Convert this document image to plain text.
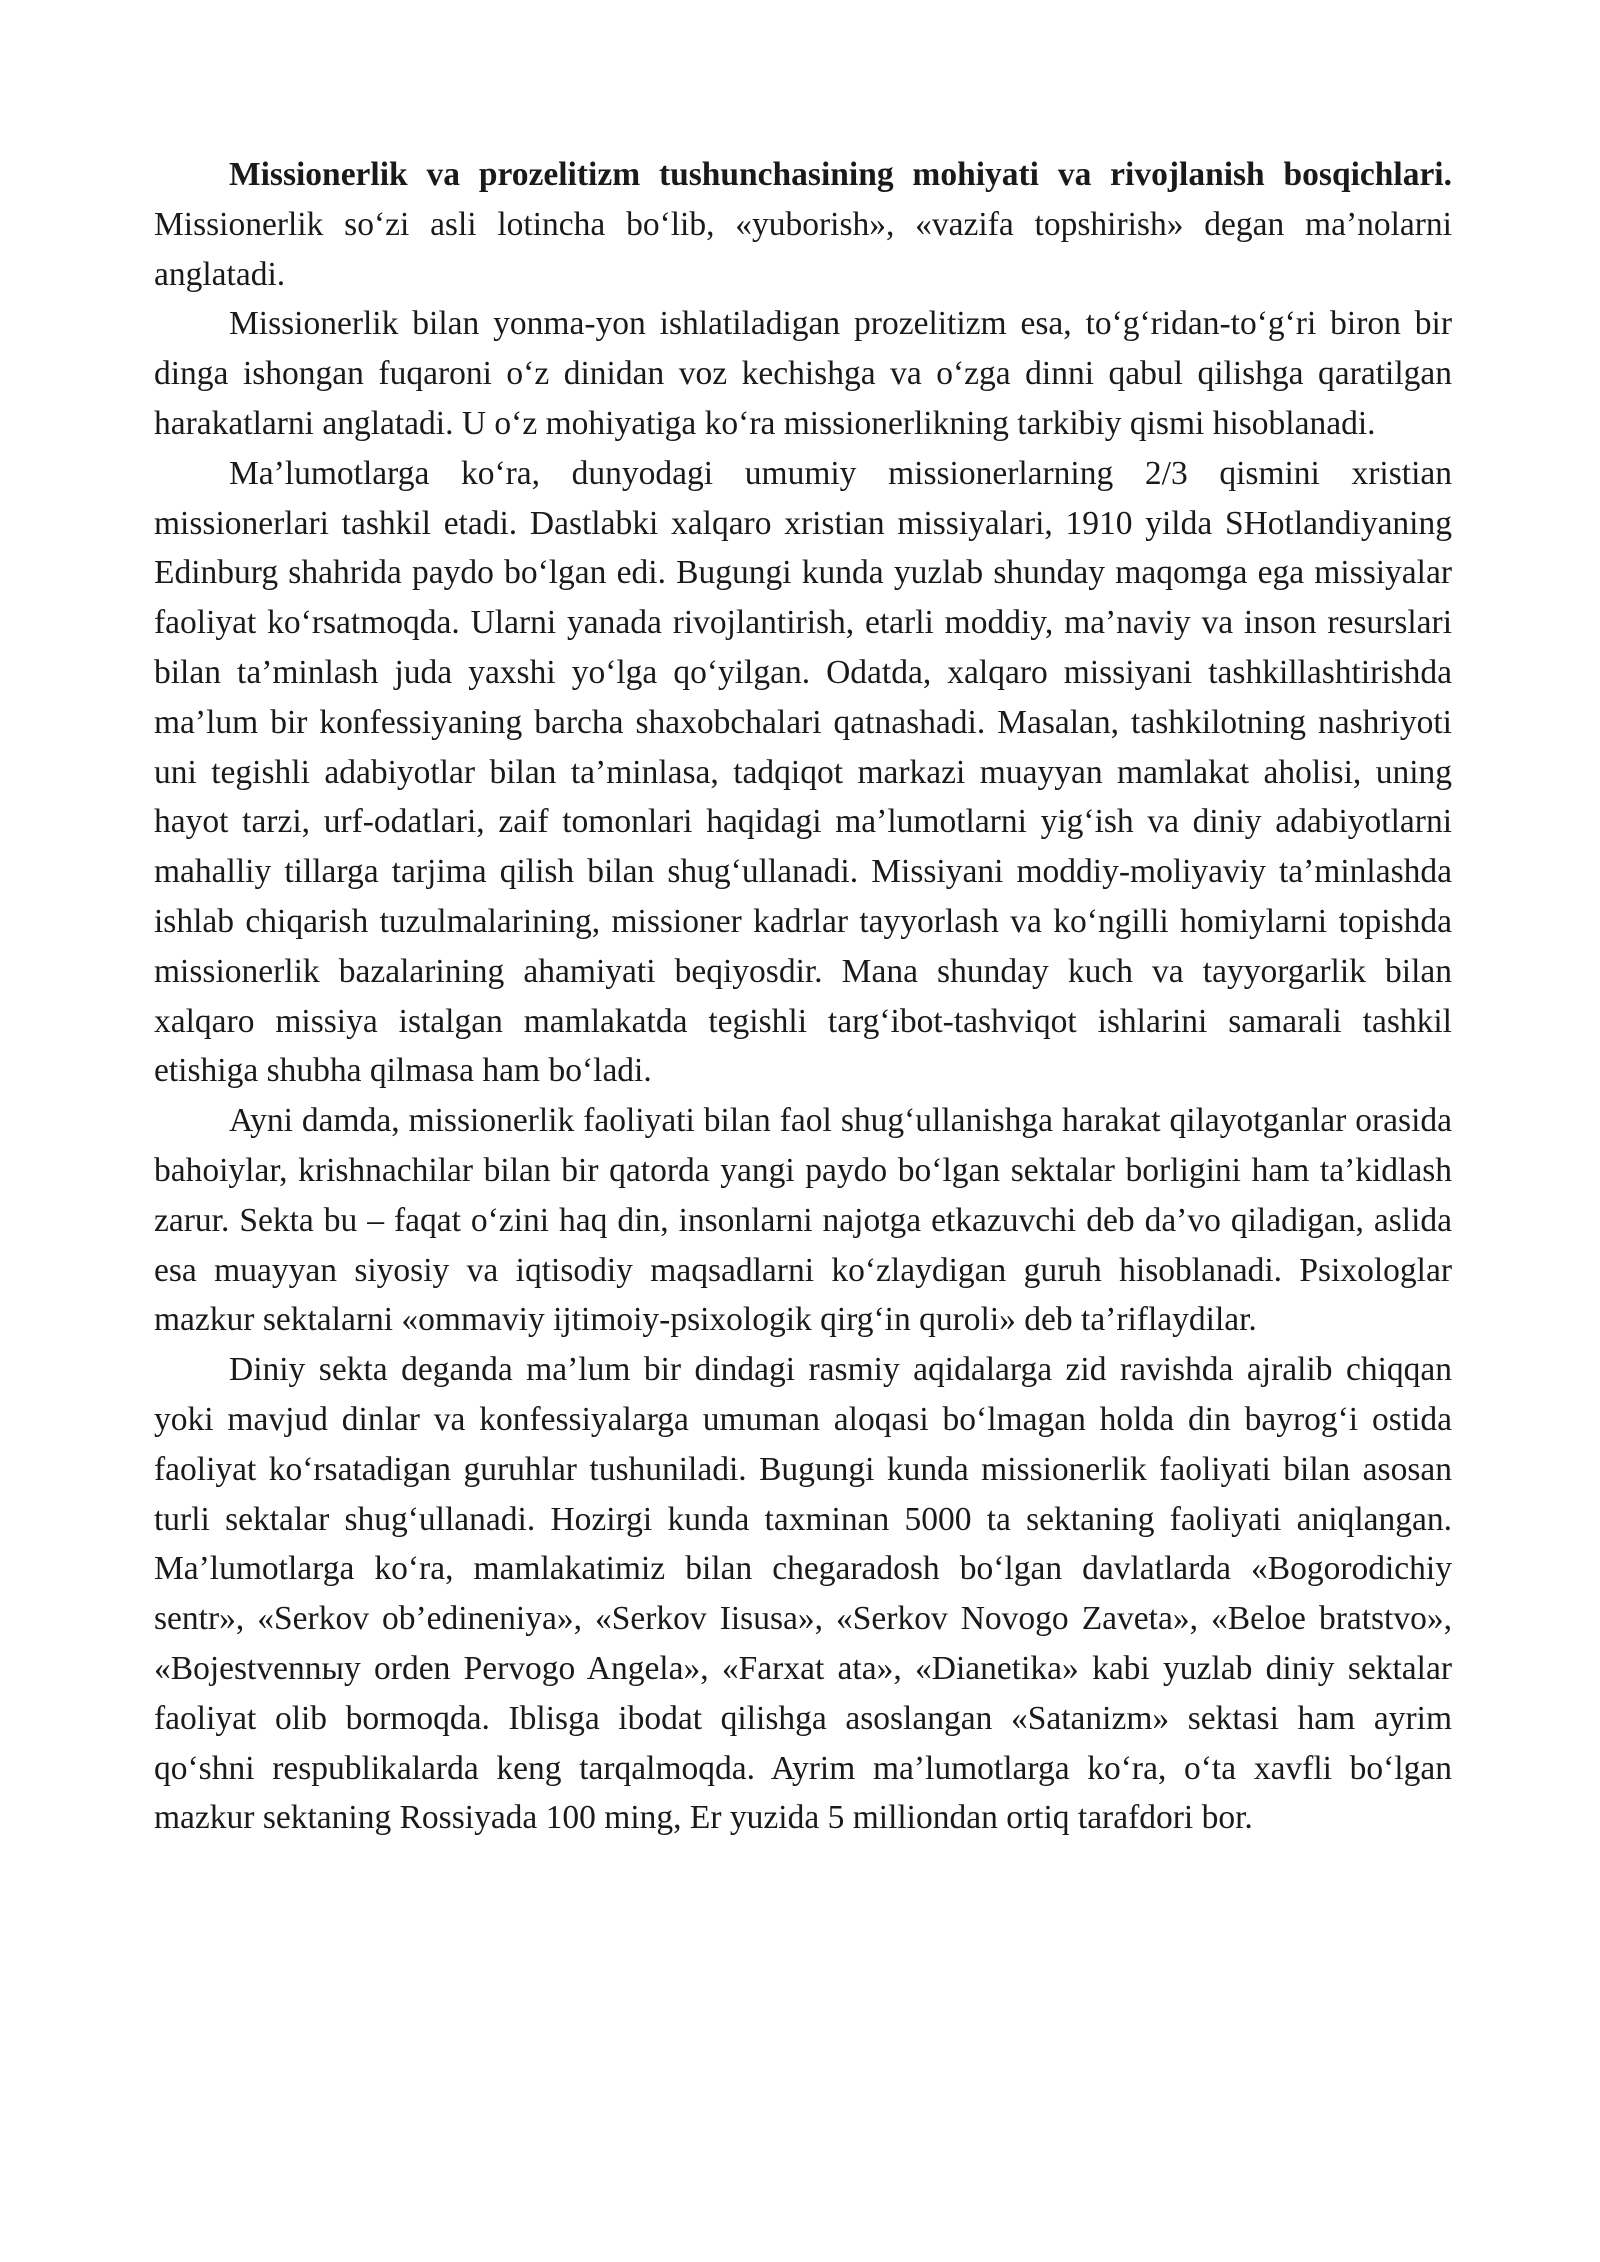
Missionerlik va prozelitizm tushunchasining mohiyati va rivojlanish bosqichlari. Missionerlik so‘zi asli lotincha bo‘lib, «yuborish», «vazifa topshirish» degan ma’nolarni anglatadi.

Missionerlik bilan yonma-yon ishlatiladigan prozelitizm esa, to‘g‘ridan-to‘g‘ri biron bir dinga ishongan fuqaroni o‘z dinidan voz kechishga va o‘zga dinni qabul qilishga qaratilgan harakatlarni anglatadi. U o‘z mohiyatiga ko‘ra missionerlikning tarkibiy qismi hisoblanadi.

Ma’lumotlarga ko‘ra, dunyodagi umumiy missionerlarning 2/3 qismini xristian missionerlari tashkil etadi. Dastlabki xalqaro xristian missiyalari, 1910 yilda SHotlandiyaning Edinburg shahrida paydo bo‘lgan edi. Bugungi kunda yuzlab shunday maqomga ega missiyalar faoliyat ko‘rsatmoqda. Ularni yanada rivojlantirish, etarli moddiy, ma’naviy va inson resurslari bilan ta’minlash juda yaxshi yo‘lga qo‘yilgan. Odatda, xalqaro missiyani tashkillashtirishda ma’lum bir konfessiyaning barcha shaxobchalari qatnashadi. Masalan, tashkilotning nashriyoti uni tegishli adabiyotlar bilan ta’minlasa, tadqiqot markazi muayyan mamlakat aholisi, uning hayot tarzi, urf-odatlari, zaif tomonlari haqidagi ma’lumotlarni yig‘ish va diniy adabiyotlarni mahalliy tillarga tarjima qilish bilan shug‘ullanadi. Missiyani moddiy-moliyaviy ta’minlashda ishlab chiqarish tuzulmalarining, missioner kadrlar tayyorlash va ko‘ngilli homiylarni topishda missionerlik bazalarining ahamiyati beqiyosdir. Mana shunday kuch va tayyorgarlik bilan xalqaro missiya istalgan mamlakatda tegishli targ‘ibot-tashviqot ishlarini samarali tashkil etishiga shubha qilmasa ham bo‘ladi.

Ayni damda, missionerlik faoliyati bilan faol shug‘ullanishga harakat qilayotganlar orasida bahoiylar, krishnachilar bilan bir qatorda yangi paydo bo‘lgan sektalar borligini ham ta’kidlash zarur. Sekta bu – faqat o‘zini haq din, insonlarni najotga etkazuvchi deb da’vo qiladigan, aslida esa muayyan siyosiy va iqtisodiy maqsadlarni ko‘zlaydigan guruh hisoblanadi. Psixologlar mazkur sektalarni «ommaviy ijtimoiy-psixologik qirg‘in quroli» deb ta’riflaydilar.

Diniy sekta deganda ma’lum bir dindagi rasmiy aqidalarga zid ravishda ajralib chiqqan yoki mavjud dinlar va konfessiyalarga umuman aloqasi bo‘lmagan holda din bayrog‘i ostida faoliyat ko‘rsatadigan guruhlar tushuniladi. Bugungi kunda missionerlik faoliyati bilan asosan turli sektalar shug‘ullanadi. Hozirgi kunda taxminan 5000 ta sektaning faoliyati aniqlangan. Ma’lumotlarga ko‘ra, mamlakatimiz bilan chegaradosh bo‘lgan davlatlarda «Bogorodichiy sentr», «Serkov ob’edineniya», «Serkov Iisusa», «Serkov Novogo Zaveta», «Beloe bratstvo», «Bojestvennыy orden Pervogo Angela», «Farxat ata», «Dianetika» kabi yuzlab diniy sektalar faoliyat olib bormoqda. Iblisga ibodat qilishga asoslangan «Satanizm» sektasi ham ayrim qo‘shni respublikalarda keng tarqalmoqda. Ayrim ma’lumotlarga ko‘ra, o‘ta xavfli bo‘lgan mazkur sektaning Rossiyada 100 ming, Er yuzida 5 milliondan ortiq tarafdori bor.
